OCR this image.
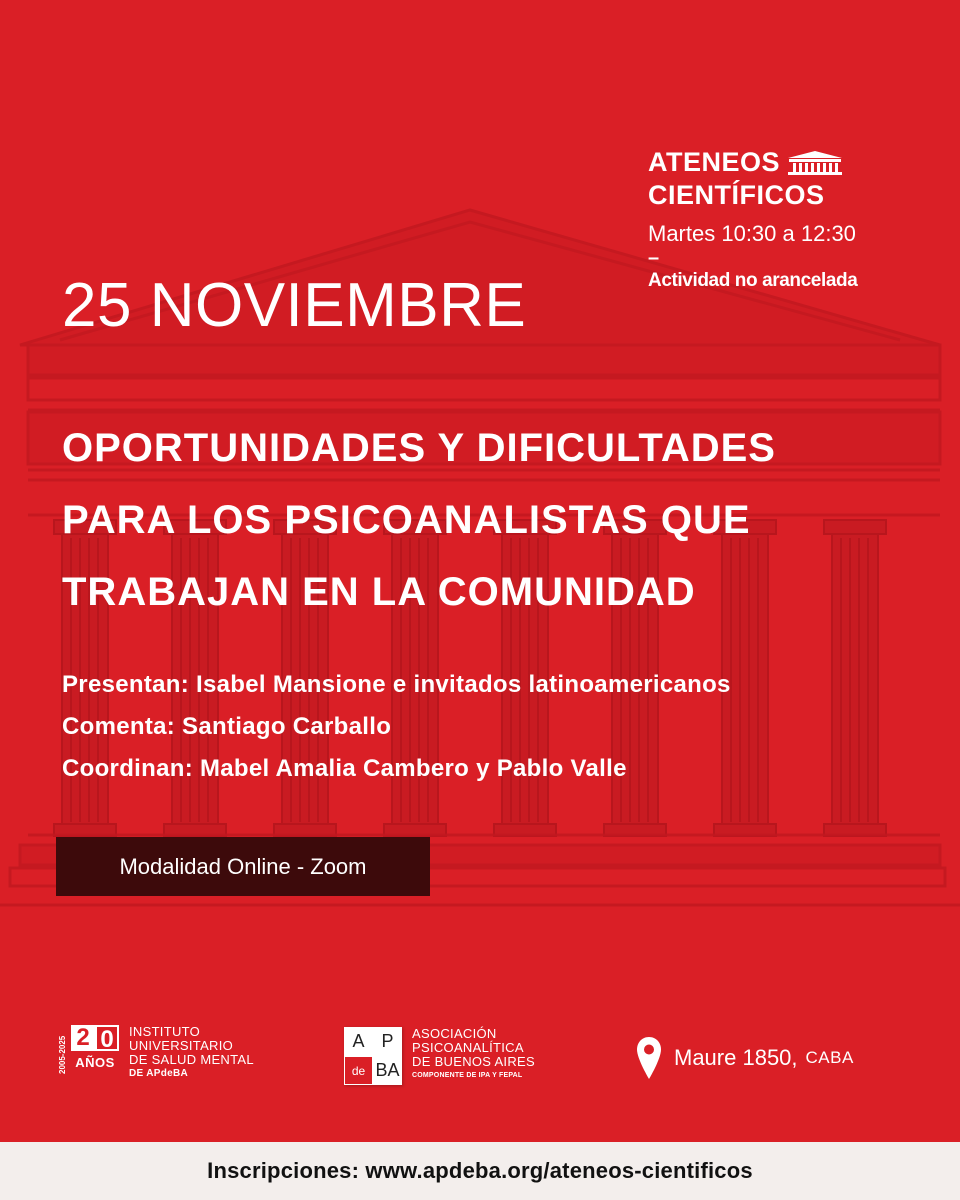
ATENEOS
CIENTÍFICOS
Martes 10:30 a 12:30
–
Actividad no arancelada
25 NOVIEMBRE
OPORTUNIDADES Y DIFICULTADES
PARA LOS PSICOANALISTAS QUE
TRABAJAN EN LA COMUNIDAD
Presentan: Isabel Mansione e invitados latinoamericanos
Comenta: Santiago Carballo
Coordinan: Mabel Amalia Cambero y Pablo Valle
Modalidad Online - Zoom
2005-2025 2 0
AÑOS
INSTITUTO
UNIVERSITARIO
DE SALUD MENTAL
DE APdeBA
A P
de BA
ASOCIACIÓN
PSICOANALÍTICA
DE BUENOS AIRES
COMPONENTE DE IPA Y FEPAL
Maure 1850, CABA
Inscripciones: www.apdeba.org/ateneos-cientificos
